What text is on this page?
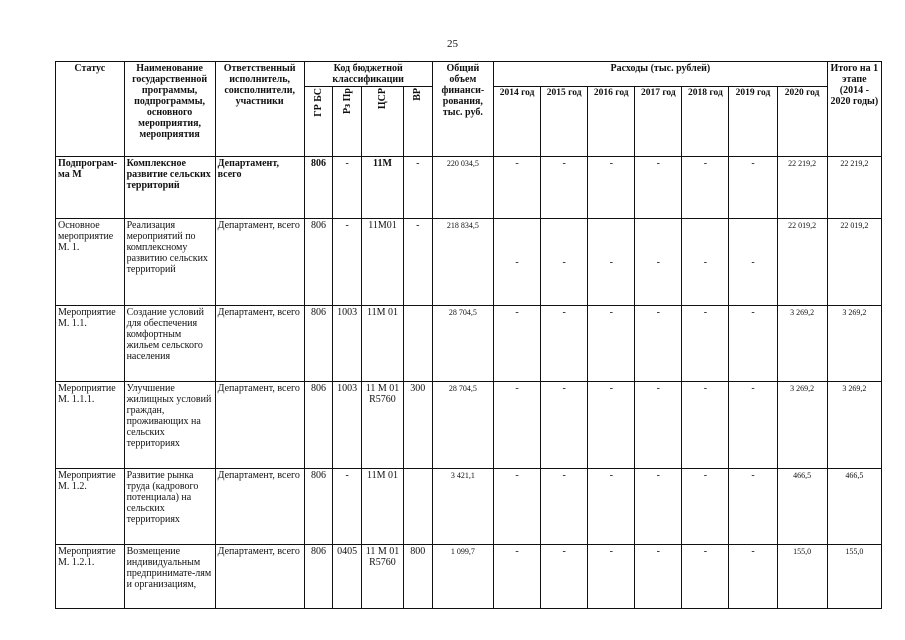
25
Статус	Наименование государственной программы, подпрограммы, основного мероприятия, мероприятия	Ответственный исполнитель, соисполнители, участники	Код бюджетной классификации				Общий объем финанси-рования, тыс. руб.	Расходы (тыс. рублей)							Итого на 1 этапе (2014 - 2020 годы)

			ГР БС	Рз Пр	ЦСР	ВР		2014 год	2015 год	2016 год	2017 год	2018 год	2019 год	2020 год	
Подпрограм-ма М	Комплексное развитие сельских территорий	Департамент, всего	806	-	11М	-	220 034,5	-	-	-	-	-	-	22 219,2	22 219,2
Основное мероприятие М. 1.	Реализация мероприятий по комплексному развитию сельских территорий	Департамент, всего	806	-	11М01	-	218 834,5	-	-	-	-	-	-	22 019,2	22 019,2
Мероприятие М. 1.1.	Создание условий для обеспечения комфортным жильем сельского населения	Департамент, всего	806	1003	11М 01		28 704,5	-	-	-	-	-	-	3 269,2	3 269,2
Мероприятие М. 1.1.1.	Улучшение жилищных условий граждан, проживающих на сельских территориях	Департамент, всего	806	1003	11 М 01 R5760	300	28 704,5	-	-	-	-	-	-	3 269,2	3 269,2
Мероприятие М. 1.2.	Развитие рынка труда (кадрового потенциала) на сельских территориях	Департамент, всего	806	-	11М 01		3 421,1	-	-	-	-	-	-	466,5	466,5
Мероприятие М. 1.2.1.	Возмещение индивидуальным предпринимате-лям и организациям,	Департамент, всего	806	0405	11 М 01 R5760	800	1 099,7	-	-	-	-	-	-	155,0	155,0
